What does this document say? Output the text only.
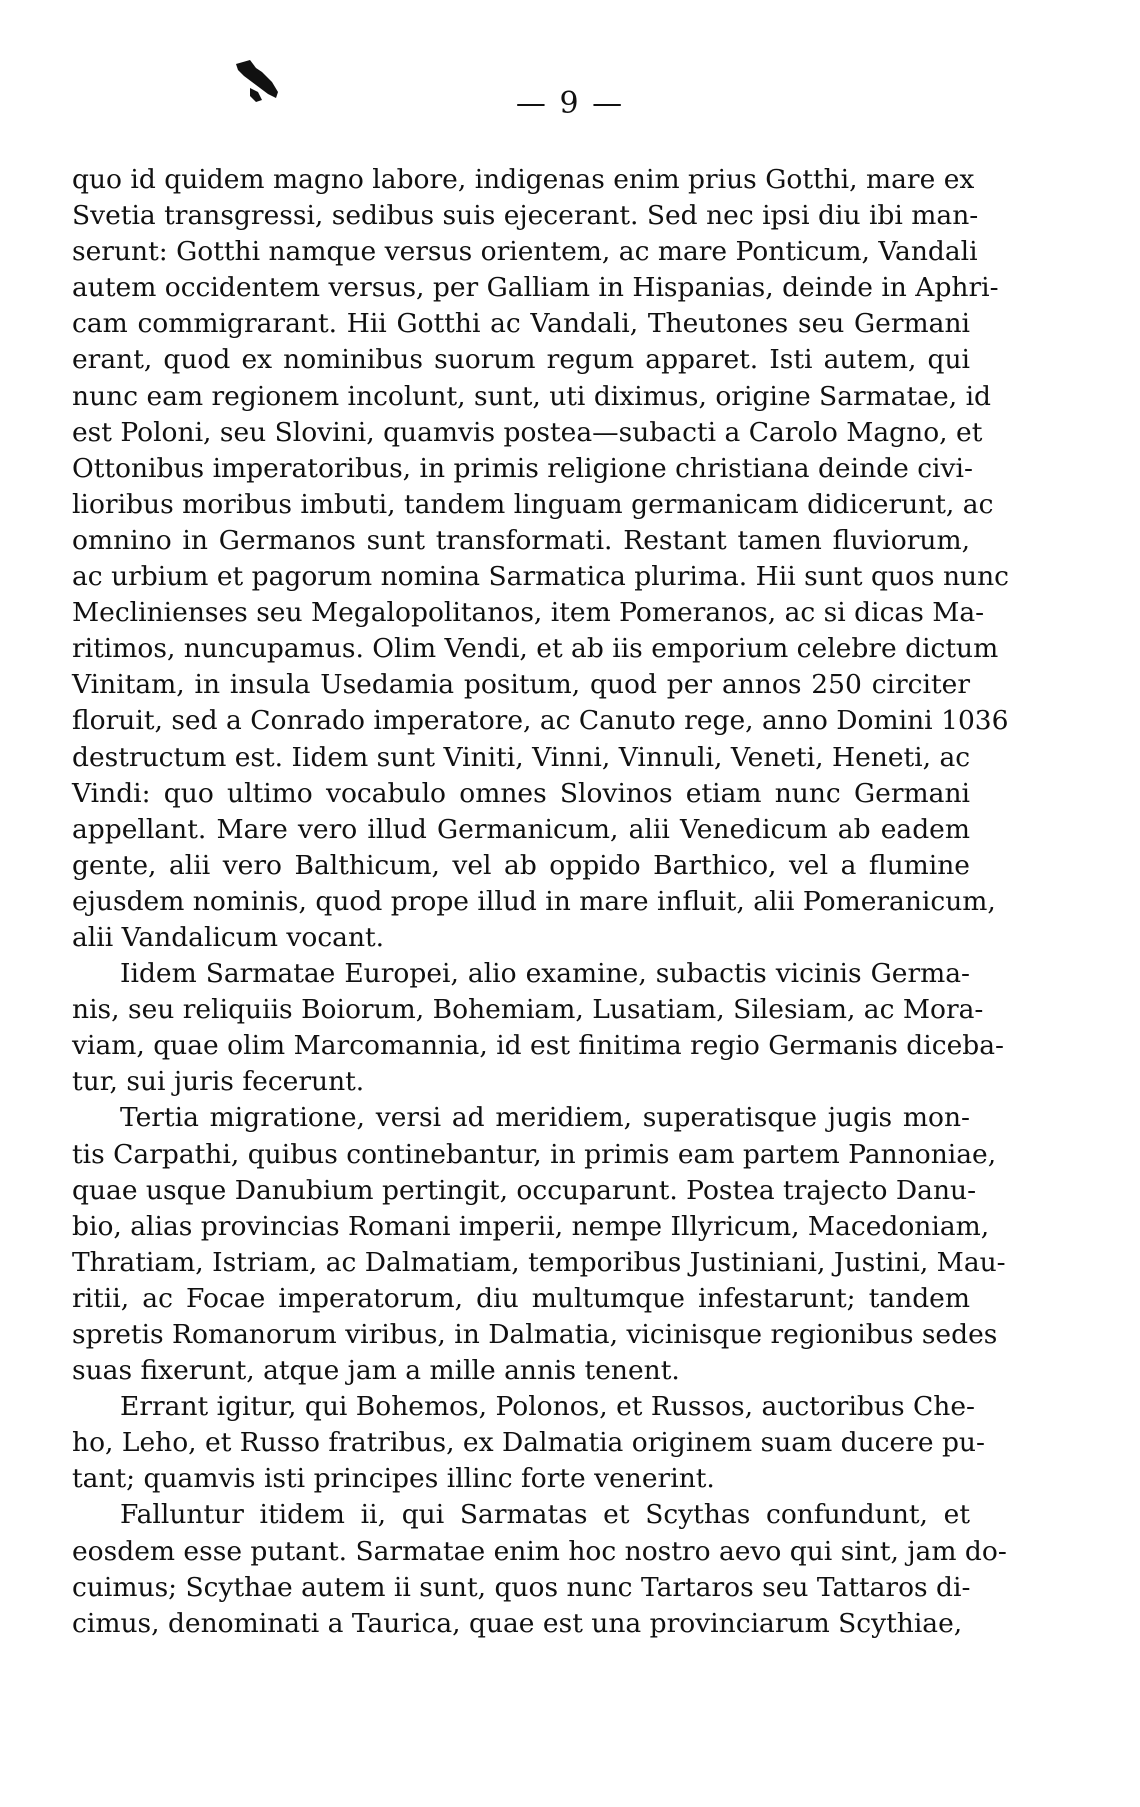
— 9 —
quo id quidem magno labore, indigenas enim prius Gotthi, mare ex
Svetia transgressi, sedibus suis ejecerant. Sed nec ipsi diu ibi man-
serunt: Gotthi namque versus orientem, ac mare Ponticum, Vandali
autem occidentem versus, per Galliam in Hispanias, deinde in Aphri-
cam commigrarant. Hii Gotthi ac Vandali, Theutones seu Germani
erant, quod ex nominibus suorum regum apparet. Isti autem, qui
nunc eam regionem incolunt, sunt, uti diximus, origine Sarmatae, id
est Poloni, seu Slovini, quamvis postea—subacti a Carolo Magno, et
Ottonibus imperatoribus, in primis religione christiana deinde civi-
lioribus moribus imbuti, tandem linguam germanicam didicerunt, ac
omnino in Germanos sunt transformati. Restant tamen fluviorum,
ac urbium et pagorum nomina Sarmatica plurima. Hii sunt quos nunc
Meclinienses seu Megalopolitanos, item Pomeranos, ac si dicas Ma-
ritimos, nuncupamus. Olim Vendi, et ab iis emporium celebre dictum
Vinitam, in insula Usedamia positum, quod per annos 250 circiter
floruit, sed a Conrado imperatore, ac Canuto rege, anno Domini 1036
destructum est. Iidem sunt Viniti, Vinni, Vinnuli, Veneti, Heneti, ac
Vindi: quo ultimo vocabulo omnes Slovinos etiam nunc Germani
appellant. Mare vero illud Germanicum, alii Venedicum ab eadem
gente, alii vero Balthicum, vel ab oppido Barthico, vel a flumine
ejusdem nominis, quod prope illud in mare influit, alii Pomeranicum,
alii Vandalicum vocant.
Iidem Sarmatae Europei, alio examine, subactis vicinis Germa-
nis, seu reliquiis Boiorum, Bohemiam, Lusatiam, Silesiam, ac Mora-
viam, quae olim Marcomannia, id est finitima regio Germanis diceba-
tur, sui juris fecerunt.
Tertia migratione, versi ad meridiem, superatisque jugis mon-
tis Carpathi, quibus continebantur, in primis eam partem Pannoniae,
quae usque Danubium pertingit, occuparunt. Postea trajecto Danu-
bio, alias provincias Romani imperii, nempe Illyricum, Macedoniam,
Thratiam, Istriam, ac Dalmatiam, temporibus Justiniani, Justini, Mau-
ritii, ac Focae imperatorum, diu multumque infestarunt; tandem
spretis Romanorum viribus, in Dalmatia, vicinisque regionibus sedes
suas fixerunt, atque jam a mille annis tenent.
Errant igitur, qui Bohemos, Polonos, et Russos, auctoribus Che-
ho, Leho, et Russo fratribus, ex Dalmatia originem suam ducere pu-
tant; quamvis isti principes illinc forte venerint.
Falluntur itidem ii, qui Sarmatas et Scythas confundunt, et
eosdem esse putant. Sarmatae enim hoc nostro aevo qui sint, jam do-
cuimus; Scythae autem ii sunt, quos nunc Tartaros seu Tattaros di-
cimus, denominati a Taurica, quae est una provinciarum Scythiae,
